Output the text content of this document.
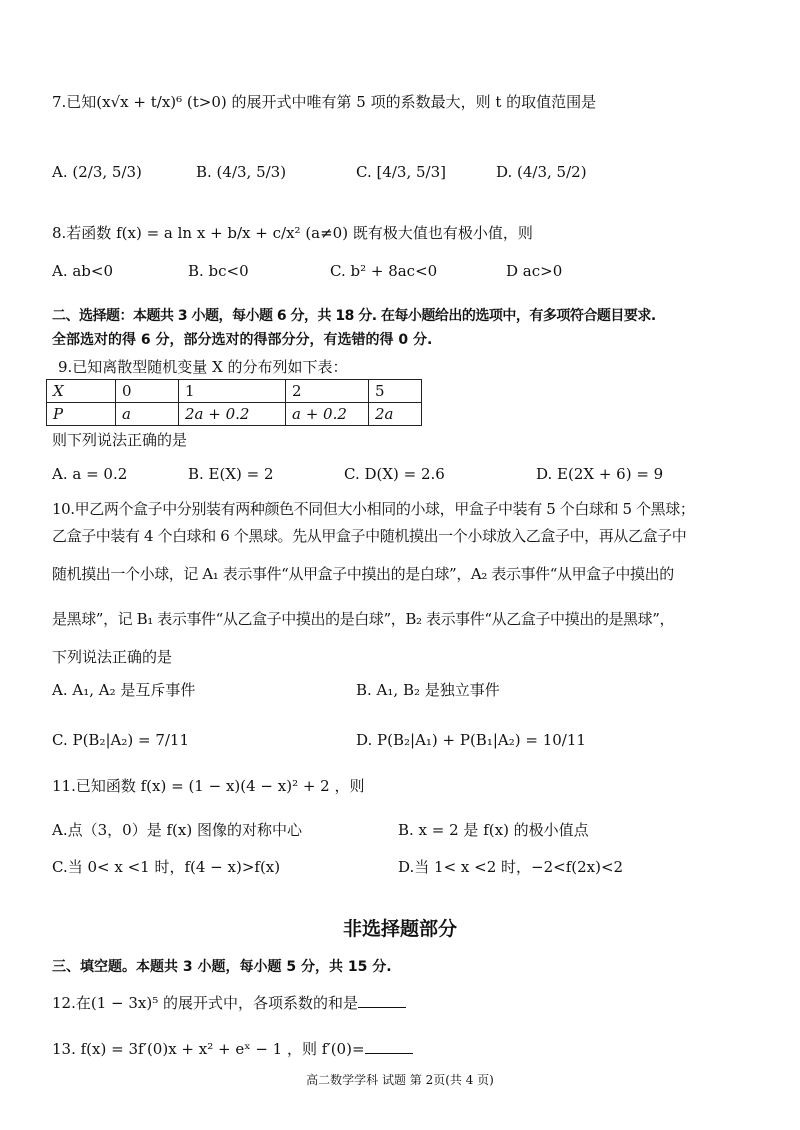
7.已知(x√x + t/x)⁶ (t>0) 的展开式中唯有第 5 项的系数最大，则 t 的取值范围是
A. (2/3, 5/3)	B. (4/3, 5/3)	C. [4/3, 5/3]	D. (4/3, 5/2)
8.若函数 f(x) = a ln x + b/x + c/x² (a≠0) 既有极大值也有极小值，则
A. ab<0	B. bc<0	C. b² + 8ac<0	D ac>0
二、选择题：本题共 3 小题，每小题 6 分，共 18 分. 在每小题给出的选项中，有多项符合题目要求.
全部选对的得 6 分，部分选对的得部分分，有选错的得 0 分.
9.已知离散型随机变量 X 的分布列如下表：
X	0	1	2	5
P	a	2a + 0.2	a + 0.2	2a
则下列说法正确的是
A. a = 0.2	B. E(X) = 2	C. D(X) = 2.6	D. E(2X + 6) = 9
10.甲乙两个盒子中分别装有两种颜色不同但大小相同的小球，甲盒子中装有 5 个白球和 5 个黑球；
乙盒子中装有 4 个白球和 6 个黑球。先从甲盒子中随机摸出一个小球放入乙盒子中，再从乙盒子中
随机摸出一个小球，记 A₁ 表示事件“从甲盒子中摸出的是白球”，A₂ 表示事件“从甲盒子中摸出的
是黑球”，记 B₁ 表示事件“从乙盒子中摸出的是白球”，B₂ 表示事件“从乙盒子中摸出的是黑球”，
下列说法正确的是
A. A₁, A₂ 是互斥事件	B. A₁, B₂ 是独立事件
C. P(B₂|A₂) = 7/11	D. P(B₂|A₁) + P(B₁|A₂) = 10/11
11.已知函数 f(x) = (1 − x)(4 − x)² + 2 ，则
A.点（3，0）是 f(x) 图像的对称中心	B. x = 2 是 f(x) 的极小值点
C.当 0< x <1 时，f(4 − x)>f(x)	D.当 1< x <2 时，−2<f(2x)<2
非选择题部分
三、填空题。本题共 3 小题，每小题 5 分，共 15 分.
12.在(1 − 3x)⁵ 的展开式中，各项系数的和是
13. f(x) = 3f′(0)x + x² + eˣ − 1 ，则 f′(0)=
高二数学学科 试题 第 2页(共 4 页)
